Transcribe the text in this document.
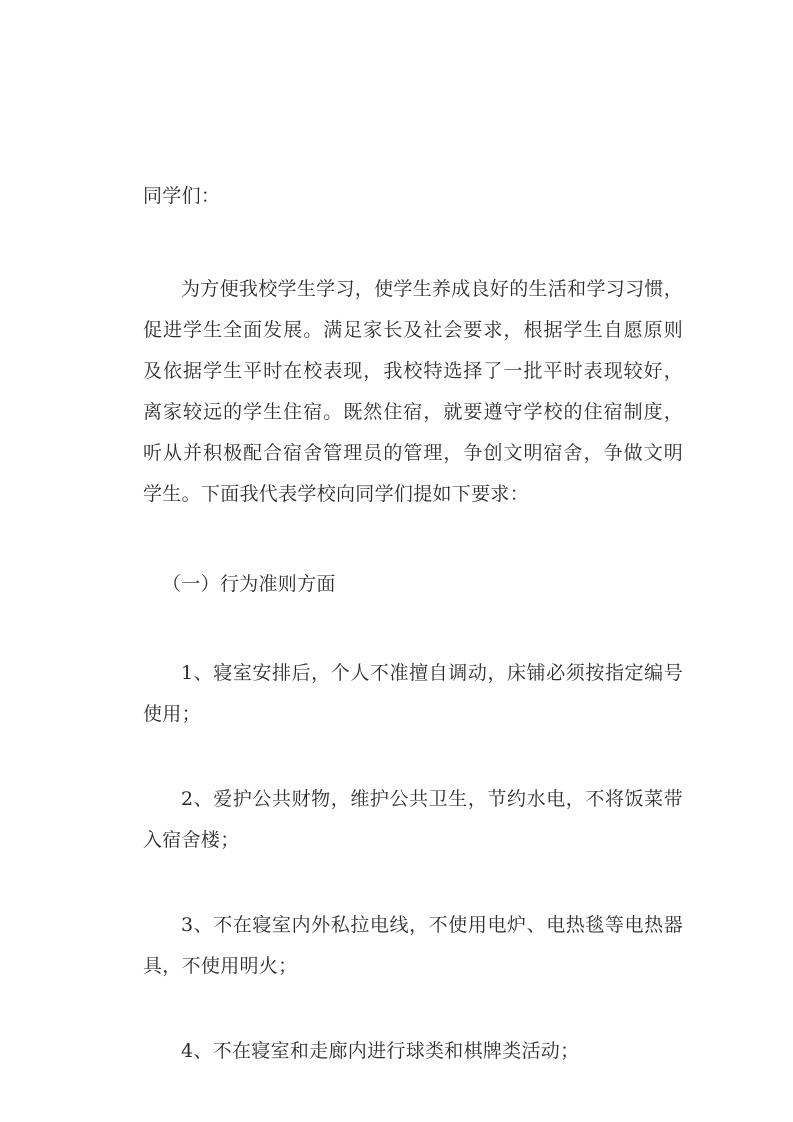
同学们：

为方便我校学生学习，使学生养成良好的生活和学习习惯，促进学生全面发展。满足家长及社会要求，根据学生自愿原则及依据学生平时在校表现，我校特选择了一批平时表现较好，离家较远的学生住宿。既然住宿，就要遵守学校的住宿制度，听从并积极配合宿舍管理员的管理，争创文明宿舍，争做文明学生。下面我代表学校向同学们提如下要求：

（一）行为准则方面

1、寝室安排后，个人不准擅自调动，床铺必须按指定编号使用；

2、爱护公共财物，维护公共卫生，节约水电，不将饭菜带入宿舍楼；

3、不在寝室内外私拉电线，不使用电炉、电热毯等电热器具，不使用明火；

4、不在寝室和走廊内进行球类和棋牌类活动；
